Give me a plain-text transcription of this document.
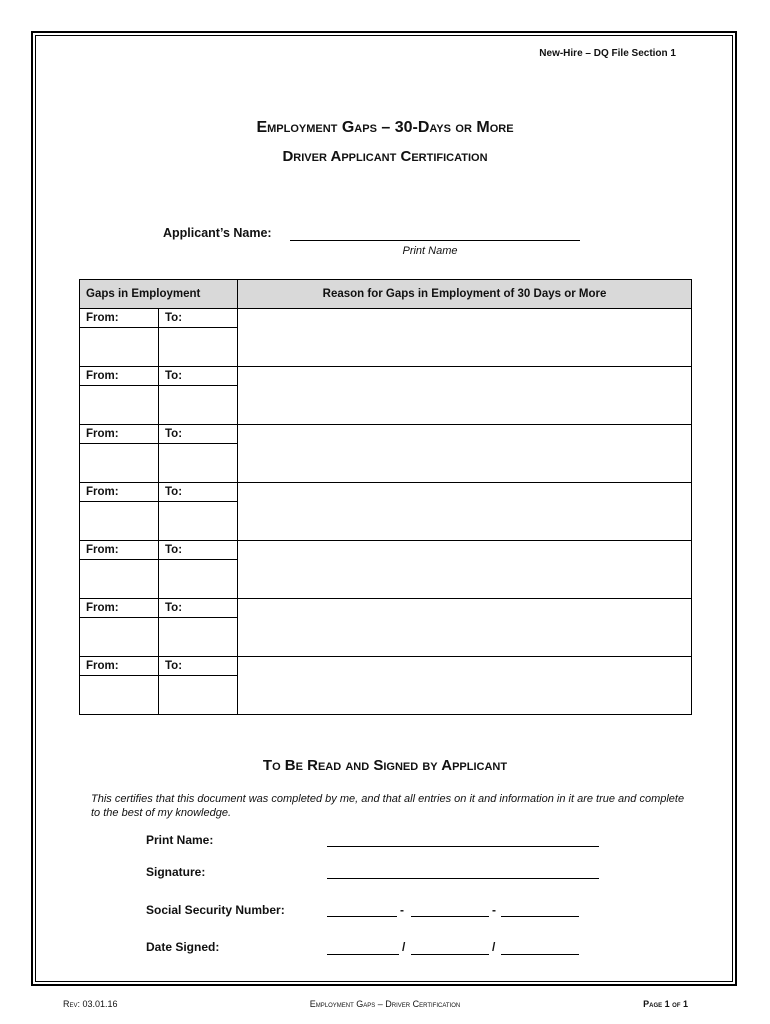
New-Hire – DQ File Section 1
Employment Gaps – 30-Days or More
Driver Applicant Certification
Applicant’s Name:
Print Name
Gaps in Employment		Reason for Gaps in Employment of 30 Days or More
From:	To:	

From:	To:	

From:	To:	

From:	To:	

From:	To:	

From:	To:	

From:	To:	

To Be Read and Signed by Applicant
This certifies that this document was completed by me, and that all entries on it and information in it are true and complete to the best of my knowledge.
Print Name:
Signature:
Social Security Number:	-	-
Date Signed:	/	/
Rev: 03.01.16	Employment Gaps – Driver Certification	Page 1 of 1
